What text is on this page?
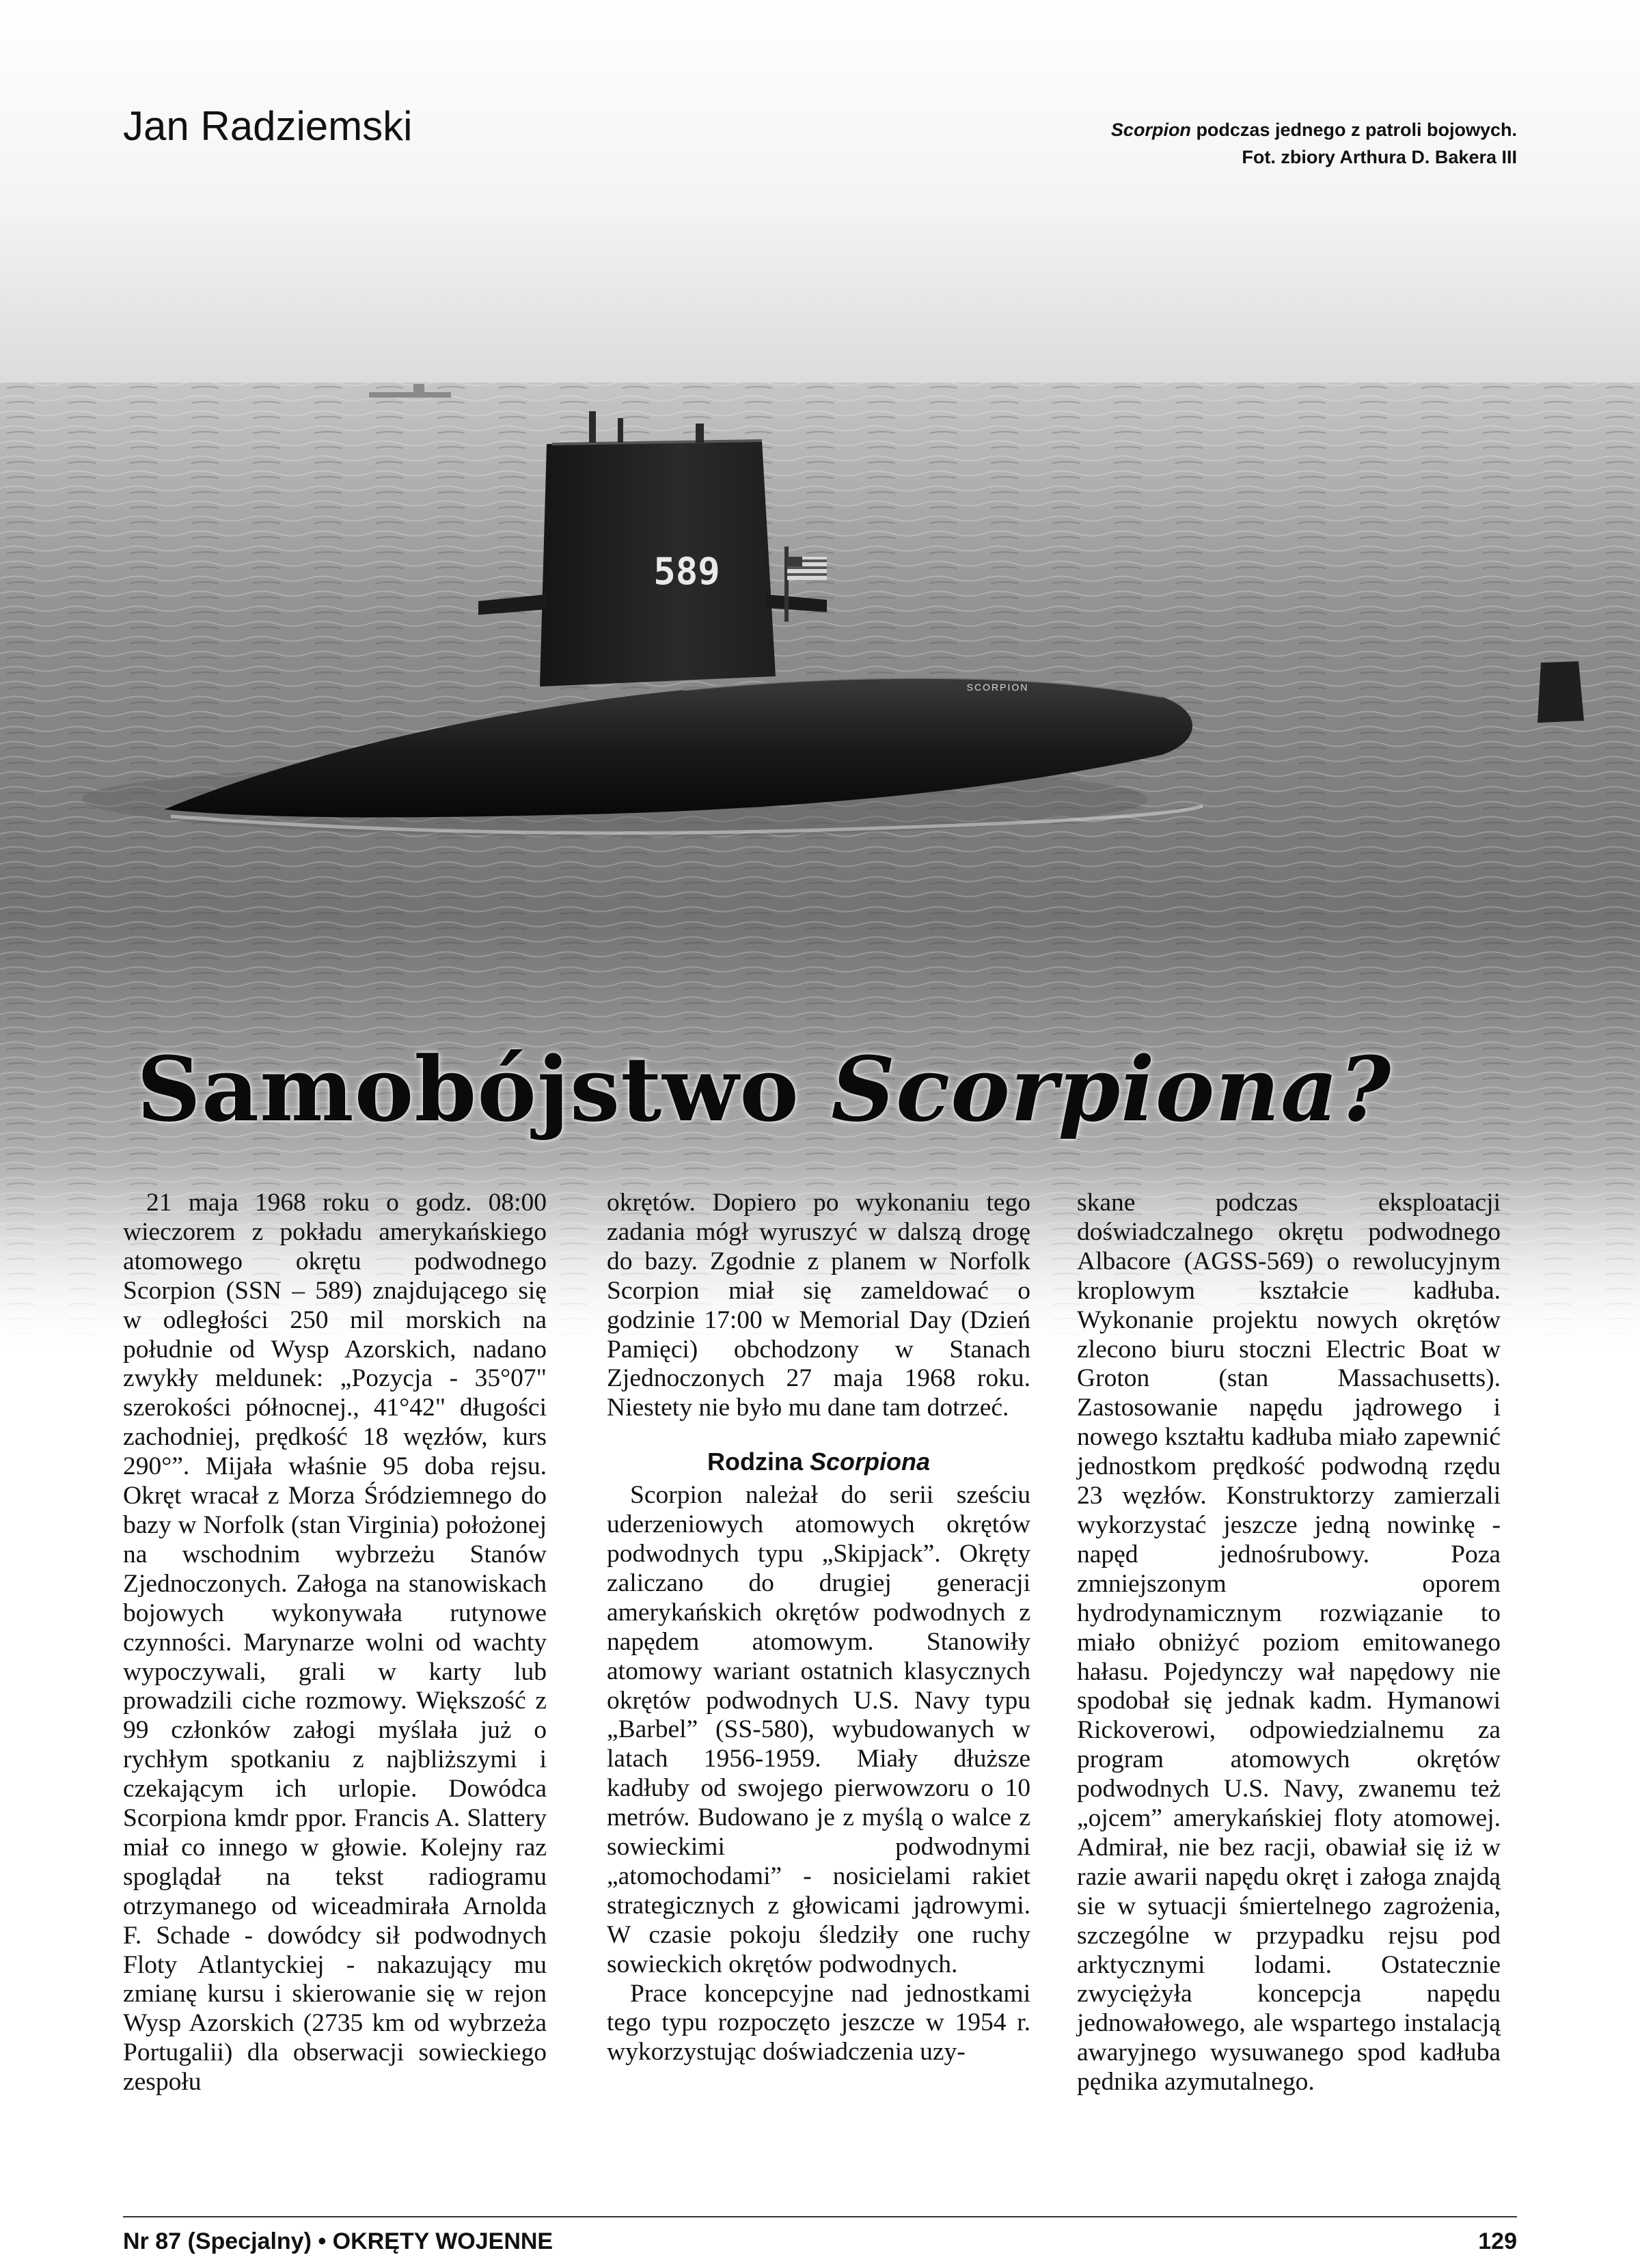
589
SCORPION
Jan Radziemski	Scorpion podczas jednego z patroli bojowych.
Fot. zbiory Arthura D. Bakera III
Samobójstwo Scorpiona?

21 maja 1968 roku o godz. 08:00 wieczorem z pokładu amerykańskiego atomowego okrętu podwodnego Scorpion (SSN – 589) znajdującego się w odległości 250 mil morskich na południe od Wysp Azorskich, nadano zwykły meldunek: „Pozycja - 35°07" szerokości północnej., 41°42" długości zachodniej, prędkość 18 węzłów, kurs 290°”. Mijała właśnie 95 doba rejsu. Okręt wracał z Morza Śródziemnego do bazy w Norfolk (stan Virginia) położonej na wschodnim wybrzeżu Stanów Zjednoczonych. Załoga na stanowiskach bojowych wykonywała rutynowe czynności. Marynarze wolni od wachty wypoczywali, grali w karty lub prowadzili ciche rozmowy. Większość z 99 członków załogi myślała już o rychłym spotkaniu z najbliższymi i czekającym ich urlopie. Dowódca Scorpiona kmdr ppor. Francis A. Slattery miał co innego w głowie. Kolejny raz spoglądał na tekst radiogramu otrzymanego od wiceadmirała Arnolda F. Schade - dowódcy sił podwodnych Floty Atlantyckiej - nakazujący mu zmianę kursu i skierowanie się w rejon Wysp Azorskich (2735 km od wybrzeża Portugalii) dla obserwacji sowieckiego zespołu

okrętów. Dopiero po wykonaniu tego zadania mógł wyruszyć w dalszą drogę do bazy. Zgodnie z planem w Norfolk Scorpion miał się zameldować o godzinie 17:00 w Memorial Day (Dzień Pamięci) obchodzony w Stanach Zjednoczonych 27 maja 1968 roku. Niestety nie było mu dane tam dotrzeć.

Rodzina Scorpiona

Scorpion należał do serii sześciu uderzeniowych atomowych okrętów podwodnych typu „Skipjack”. Okręty zaliczano do drugiej generacji amerykańskich okrętów podwodnych z napędem atomowym. Stanowiły atomowy wariant ostatnich klasycznych okrętów podwodnych U.S. Navy typu „Barbel” (SS-580), wybudowanych w latach 1956-1959. Miały dłuższe kadłuby od swojego pierwowzoru o 10 metrów. Budowano je z myślą o walce z sowieckimi podwodnymi „atomochodami” - nosicielami rakiet strategicznych z głowicami jądrowymi. W czasie pokoju śledziły one ruchy sowieckich okrętów podwodnych.

Prace koncepcyjne nad jednostkami tego typu rozpoczęto jeszcze w 1954 r. wykorzystując doświadczenia uzy-

skane podczas eksploatacji doświadczalnego okrętu podwodnego Albacore (AGSS-569) o rewolucyjnym kroplowym kształcie kadłuba. Wykonanie projektu nowych okrętów zlecono biuru stoczni Electric Boat w Groton (stan Massachusetts). Zastosowanie napędu jądrowego i nowego kształtu kadłuba miało zapewnić jednostkom prędkość podwodną rzędu 23 węzłów. Konstruktorzy zamierzali wykorzystać jeszcze jedną nowinkę - napęd jednośrubowy. Poza zmniejszonym oporem hydrodynamicznym rozwiązanie to miało obniżyć poziom emitowanego hałasu. Pojedynczy wał napędowy nie spodobał się jednak kadm. Hymanowi Rickoverowi, odpowiedzialnemu za program atomowych okrętów podwodnych U.S. Navy, zwanemu też „ojcem” amerykańskiej floty atomowej. Admirał, nie bez racji, obawiał się iż w razie awarii napędu okręt i załoga znajdą sie w sytuacji śmiertelnego zagrożenia, szczególne w przypadku rejsu pod arktycznymi lodami. Ostatecznie zwyciężyła koncepcja napędu jednowałowego, ale wspartego instalacją awaryjnego wysuwanego spod kadłuba pędnika azymutalnego.

Nr 87 (Specjalny) • OKRĘTY WOJENNE	129
